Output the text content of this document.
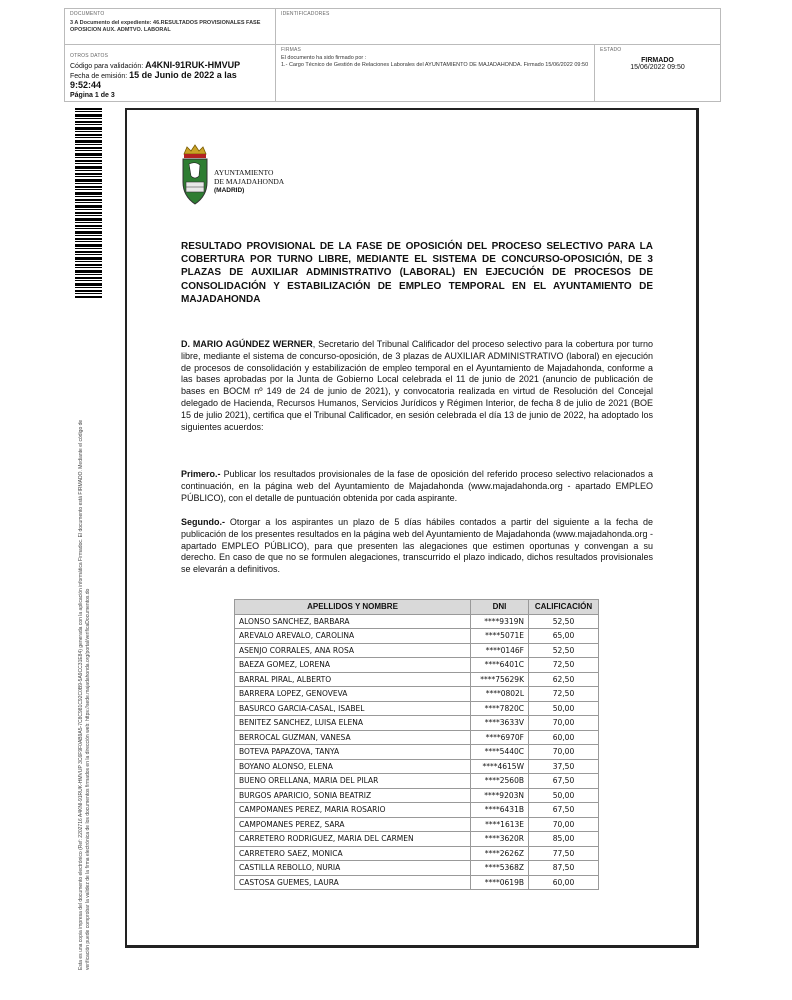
DOCUMENTO
3 A Documento del expediente: 46.RESULTADOS PROVISIONALES FASE OPOSICION AUX. ADMTVO. LABORAL
IDENTIFICADORES
OTROS DATOS
Código para validación: A4KNI-91RUK-HMVUP
Fecha de emisión: 15 de Junio de 2022 a las 9:52:44
Página 1 de 3
FIRMAS
El documento ha sido firmado por :
1.- Cargo Técnico de Gestión de Relaciones Laborales del AYUNTAMIENTO DE MAJADAHONDA. Firmado 15/06/2022 09:50
ESTADO
FIRMADO
15/06/2022 09:50
Esta es una copia impresa del documento electrónico (Ref: 2202716 A4KNI-91RUK-HMVUP 3C6F9F0AB9A5-7C8C981C92C0B9-5A9CC31E84) generada con la aplicación informática Firmadoc. El documento está FIRMADO. Mediante el código de verificación puede comprobar la validez de la firma electrónica de los documentos firmados en la dirección web: https://sede.majadahonda.org/portal/verificaDocumentos.do
AYUNTAMIENTO
DE MAJADAHONDA
(MADRID)
RESULTADO PROVISIONAL DE LA FASE DE OPOSICIÓN DEL PROCESO SELECTIVO PARA LA COBERTURA POR TURNO LIBRE, MEDIANTE EL SISTEMA DE CONCURSO-OPOSICIÓN, DE 3 PLAZAS DE AUXILIAR ADMINISTRATIVO (LABORAL) EN EJECUCIÓN DE PROCESOS DE CONSOLIDACIÓN Y ESTABILIZACIÓN DE EMPLEO TEMPORAL EN EL AYUNTAMIENTO DE MAJADAHONDA
D. MARIO AGÚNDEZ WERNER, Secretario del Tribunal Calificador del proceso selectivo para la cobertura por turno libre, mediante el sistema de concurso-oposición, de 3 plazas de AUXILIAR ADMINISTRATIVO (laboral) en ejecución de procesos de consolidación y estabilización de empleo temporal en el Ayuntamiento de Majadahonda, conforme a las bases aprobadas por la Junta de Gobierno Local celebrada el 11 de junio de 2021 (anuncio de publicación de bases en BOCM nº 149 de 24 de junio de 2021), y convocatoria realizada en virtud de Resolución del Concejal delegado de Hacienda, Recursos Humanos, Servicios Jurídicos y Régimen Interior, de fecha 8 de julio de 2021 (BOE 15 de julio 2021), certifica que el Tribunal Calificador, en sesión celebrada el día 13 de junio de 2022, ha adoptado los siguientes acuerdos:
Primero.- Publicar los resultados provisionales de la fase de oposición del referido proceso selectivo relacionados a continuación, en la página web del Ayuntamiento de Majadahonda (www.majadahonda.org - apartado EMPLEO PÚBLICO), con el detalle de puntuación obtenida por cada aspirante.
Segundo.- Otorgar a los aspirantes un plazo de 5 días hábiles contados a partir del siguiente a la fecha de publicación de los presentes resultados en la página web del Ayuntamiento de Majadahonda (www.majadahonda.org - apartado EMPLEO PÚBLICO), para que presenten las alegaciones que estimen oportunas y convengan a su derecho. En caso de que no se formulen alegaciones, transcurrido el plazo indicado, dichos resultados provisionales se elevarán a definitivos.
APELLIDOS Y NOMBRE	DNI	CALIFICACIÓN
ALONSO SANCHEZ, BARBARA	****9319N	52,50
AREVALO AREVALO, CAROLINA	****5071E	65,00
ASENJO CORRALES, ANA ROSA	****0146F	52,50
BAEZA GOMEZ, LORENA	****6401C	72,50
BARRAL PIRAL, ALBERTO	****75629K	62,50
BARRERA LOPEZ, GENOVEVA	****0802L	72,50
BASURCO GARCIA-CASAL, ISABEL	****7820C	50,00
BENITEZ SANCHEZ, LUISA ELENA	****3633V	70,00
BERROCAL GUZMAN, VANESA	****6970F	60,00
BOTEVA PAPAZOVA, TANYA	****5440C	70,00
BOYANO ALONSO, ELENA	****4615W	37,50
BUENO ORELLANA, MARIA DEL PILAR	****2560B	67,50
BURGOS APARICIO, SONIA BEATRIZ	****9203N	50,00
CAMPOMANES PEREZ, MARIA ROSARIO	****6431B	67,50
CAMPOMANES PEREZ, SARA	****1613E	70,00
CARRETERO RODRIGUEZ, MARIA DEL CARMEN	****3620R	85,00
CARRETERO SAEZ, MONICA	****2626Z	77,50
CASTILLA REBOLLO, NURIA	****5368Z	87,50
CASTOSA GUEMES, LAURA	****0619B	60,00
